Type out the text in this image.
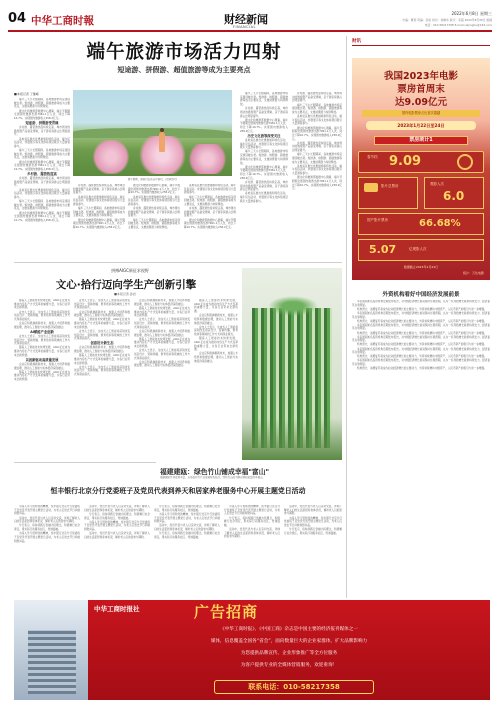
04 中华工商时報	财经新闻
FINANCIAL
2022年6月8日 星期三
中编：曹莉 责编：孙岩 校对：刘晓华 版式：李超 2022年8月30日 组稿
电话：010-58217398 E-mail:caijingbu@163.com
端午旅游市场活力四射
短途游、拼假游、超值旅游等成为主要亮点
■本报记者 丁继峰

端午三天小长假期间，各地旅游市场呈现回暖态势。短途游、拼假游、超值旅游等成为主要亮点，文旅消费潜力持续释放。

据文化和旅游部数据中心测算，端午节假期全国国内旅游出游7961.1万人次，同比下降10.7%。实现国内旅游收入258.2亿元。

短途游、拼假游受青睐

乡村游、露营游热度持续走高，城市周边的微度假产品备受青睐，亲子游家庭游占比明显提升。

各地景区推出优惠措施和特色活动，端午民俗活动、非遗展示等文化体验项目吸引大量游客参与。

端午三天小长假期间，各地旅游市场呈现回暖态势。短途游、拼假游、超值旅游等成为主要亮点，文旅消费潜力持续释放。

据文化和旅游部数据中心测算，端午节假期全国国内旅游出游7961.1万人次，同比下降10.7%。实现国内旅游收入258.2亿元。

乡村游、露营热度高

乡村游、露营游热度持续走高，城市周边的微度假产品备受青睐，亲子游家庭游占比明显提升。

各地景区推出优惠措施和特色活动，端午民俗活动、非遗展示等文化体验项目吸引大量游客参与。

端午三天小长假期间，各地旅游市场呈现回暖态势。短途游、拼假游、超值旅游等成为主要亮点，文旅消费潜力持续释放。

据文化和旅游部数据中心测算，端午节假期全国国内旅游出游7961.1万人次，同比下降10.7%。实现国内旅游收入258.2亿元。

端午假期，游客们在花丛中游玩。(资料图片)

乡村游、露营游热度持续走高，城市周边的微度假产品备受青睐，亲子游家庭游占比明显提升。

各地景区推出优惠措施和特色活动，端午民俗活动、非遗展示等文化体验项目吸引大量游客参与。

端午三天小长假期间，各地旅游市场呈现回暖态势。短途游、拼假游、超值旅游等成为主要亮点，文旅消费潜力持续释放。

据文化和旅游部数据中心测算，端午节假期全国国内旅游出游7961.1万人次，同比下降10.7%。实现国内旅游收入258.2亿元。

据文化和旅游部数据中心测算，端午节假期全国国内旅游出游7961.1万人次，同比下降10.7%。实现国内旅游收入258.2亿元。

各地景区推出优惠措施和特色活动，端午民俗活动、非遗展示等文化体验项目吸引大量游客参与。

乡村游、露营游热度持续走高，城市周边的微度假产品备受青睐，亲子游家庭游占比明显提升。

端午三天小长假期间，各地旅游市场呈现回暖态势。短途游、拼假游、超值旅游等成为主要亮点，文旅消费潜力持续释放。

各地景区推出优惠措施和特色活动，端午民俗活动、非遗展示等文化体验项目吸引大量游客参与。

端午三天小长假期间，各地旅游市场呈现回暖态势。短途游、拼假游、超值旅游等成为主要亮点，文旅消费潜力持续释放。

乡村游、露营游热度持续走高，城市周边的微度假产品备受青睐，亲子游家庭游占比明显提升。

据文化和旅游部数据中心测算，端午节假期全国国内旅游出游7961.1万人次，同比下降10.7%。实现国内旅游收入258.2亿元。

端午三天小长假期间，各地旅游市场呈现回暖态势。短途游、拼假游、超值旅游等成为主要亮点，文旅消费潜力持续释放。

乡村游、露营游热度持续走高，城市周边的微度假产品备受青睐，亲子游家庭游占比明显提升。

据文化和旅游部数据中心测算，端午节假期全国国内旅游出游7961.1万人次，同比下降10.7%。实现国内旅游收入258.2亿元。

历史文化游等深受关注

各地景区推出优惠措施和特色活动，端午民俗活动、非遗展示等文化体验项目吸引大量游客参与。

端午三天小长假期间，各地旅游市场呈现回暖态势。短途游、拼假游、超值旅游等成为主要亮点，文旅消费潜力持续释放。

据文化和旅游部数据中心测算，端午节假期全国国内旅游出游7961.1万人次，同比下降10.7%。实现国内旅游收入258.2亿元。

乡村游、露营游热度持续走高，城市周边的微度假产品备受青睐，亲子游家庭游占比明显提升。

各地景区推出优惠措施和特色活动，端午民俗活动、非遗展示等文化体验项目吸引大量游客参与。

乡村游、露营游热度持续走高，城市周边的微度假产品备受青睐，亲子游家庭游占比明显提升。

端午三天小长假期间，各地旅游市场呈现回暖态势。短途游、拼假游、超值旅游等成为主要亮点，文旅消费潜力持续释放。

各地景区推出优惠措施和特色活动，端午民俗活动、非遗展示等文化体验项目吸引大量游客参与。

据文化和旅游部数据中心测算，端午节假期全国国内旅游出游7961.1万人次，同比下降10.7%。实现国内旅游收入258.2亿元。

乡村游、露营游热度持续走高，城市周边的微度假产品备受青睐，亲子游家庭游占比明显提升。

端午三天小长假期间，各地旅游市场呈现回暖态势。短途游、拼假游、超值旅游等成为主要亮点，文旅消费潜力持续释放。

各地景区推出优惠措施和特色活动，端午民俗活动、非遗展示等文化体验项目吸引大量游客参与。

据文化和旅游部数据中心测算，端午节假期全国国内旅游出游7961.1万人次，同比下降10.7%。实现国内旅游收入258.2亿元。

财讯
我国2023年电影
票房首周末
达9.09亿元
国内电影票房占比首次超越
2023年1月22日至24日
票房统计1
春节档 9.09
影片总票房	观影人次
6.0
国产影片票房	66.68%
5.07	亿观影人次
数据截止2023年1月24日
统计：万达电影
外资机构看好中国经济发展前景

多家国际知名投资机构近期发布报告，对中国经济增长前景保持乐观预期，认为一系列稳增长政策持续发力，经济复苏态势明显。

机构预计，消费复苏将成为拉动经济增长的主要动力，外资持续增持中国资产，人民币资产的吸引力进一步增强。

多家国际知名投资机构近期发布报告，对中国经济增长前景保持乐观预期，认为一系列稳增长政策持续发力，经济复苏态势明显。

机构预计，消费复苏将成为拉动经济增长的主要动力，外资持续增持中国资产，人民币资产的吸引力进一步增强。

多家国际知名投资机构近期发布报告，对中国经济增长前景保持乐观预期，认为一系列稳增长政策持续发力，经济复苏态势明显。

机构预计，消费复苏将成为拉动经济增长的主要动力，外资持续增持中国资产，人民币资产的吸引力进一步增强。

多家国际知名投资机构近期发布报告，对中国经济增长前景保持乐观预期，认为一系列稳增长政策持续发力，经济复苏态势明显。

机构预计，消费复苏将成为拉动经济增长的主要动力，外资持续增持中国资产，人民币资产的吸引力进一步增强。

多家国际知名投资机构近期发布报告，对中国经济增长前景保持乐观预期，认为一系列稳增长政策持续发力，经济复苏态势明显。

机构预计，消费复苏将成为拉动经济增长的主要动力，外资持续增持中国资产，人民币资产的吸引力进一步增强。

多家国际知名投资机构近期发布报告，对中国经济增长前景保持乐观预期，认为一系列稳增长政策持续发力，经济复苏态势明显。

机构预计，消费复苏将成为拉动经济增长的主要动力，外资持续增持中国资产，人民币资产的吸引力进一步增强。

拼搏AIGC新征求视野
文心·拾行迈向学生产创新引擎
■本报记者 孙岩

随着人工智能技术快速发展，AIGC正在成为推动内容生产方式变革的重要力量，为各行业带来全新机遇。

业内人士表示，生成式人工智能将深刻改变创意设计、营销传播、教育培训等领域的工作方式和商业模式。

企业应积极拥抱新技术，加强人才培养和数据治理，推动人工智能与实体经济深度融合。

AI赋能产业创新

业内人士表示，生成式人工智能将深刻改变创意设计、营销传播、教育培训等领域的工作方式和商业模式。

随着人工智能技术快速发展，AIGC正在成为推动内容生产方式变革的重要力量，为各行业带来全新机遇。

以创新驱动高质量发展

企业应积极拥抱新技术，加强人才培养和数据治理，推动人工智能与实体经济深度融合。

随着人工智能技术快速发展，AIGC正在成为推动内容生产方式变革的重要力量，为各行业带来全新机遇。

业内人士表示，生成式人工智能将深刻改变创意设计、营销传播、教育培训等领域的工作方式和商业模式。

企业应积极拥抱新技术，加强人才培养和数据治理，推动人工智能与实体经济深度融合。

随着人工智能技术快速发展，AIGC正在成为推动内容生产方式变革的重要力量，为各行业带来全新机遇。

业内人士表示，生成式人工智能将深刻改变创意设计、营销传播、教育培训等领域的工作方式和商业模式。

创意设计新生态

企业应积极拥抱新技术，加强人才培养和数据治理，推动人工智能与实体经济深度融合。

随着人工智能技术快速发展，AIGC正在成为推动内容生产方式变革的重要力量，为各行业带来全新机遇。

业内人士表示，生成式人工智能将深刻改变创意设计、营销传播、教育培训等领域的工作方式和商业模式。

企业应积极拥抱新技术，加强人才培养和数据治理，推动人工智能与实体经济深度融合。

随着人工智能技术快速发展，AIGC正在成为推动内容生产方式变革的重要力量，为各行业带来全新机遇。

业内人士表示，生成式人工智能将深刻改变创意设计、营销传播、教育培训等领域的工作方式和商业模式。

企业应积极拥抱新技术，加强人才培养和数据治理，推动人工智能与实体经济深度融合。

随着人工智能技术快速发展，AIGC正在成为推动内容生产方式变革的重要力量，为各行业带来全新机遇。

业内人士表示，生成式人工智能将深刻改变创意设计、营销传播、教育培训等领域的工作方式和商业模式。

企业应积极拥抱新技术，加强人才培养和数据治理，推动人工智能与实体经济深度融合。

随着人工智能技术快速发展，AIGC正在成为推动内容生产方式变革的重要力量，为各行业带来全新机遇。

企业应积极拥抱新技术，加强人才培养和数据治理，推动人工智能与实体经济深度融合。

业内人士表示，生成式人工智能将深刻改变创意设计、营销传播、教育培训等领域的工作方式和商业模式。

随着人工智能技术快速发展，AIGC正在成为推动内容生产方式变革的重要力量，为各行业带来全新机遇。

企业应积极拥抱新技术，加强人才培养和数据治理，推动人工智能与实体经济深度融合。

福建建瓯：绿色竹山铺成幸福"富山"
福建建瓯竹林资源丰富，当地依托竹产业发展特色经济，绿色竹山成为群众增收致富的幸福山。
恒丰银行北京分行党委班子及党员代表到养天和居家养老服务中心开展主题党日活动

为深入学习贯彻党的精神，恒丰银行北京分行党委班子及党员代表开展主题党日活动，为老人们送去节日问候和慰问品。

活动中，党员代表与老人们亲切交流，详细了解老人们的生活起居和身体状况，倾听老人们的需求与期盼。

分行表示，将持续践行金融为民理念，积极履行社会责任，用实际行动服务社区，传递温暖。

为深入学习贯彻党的精神，恒丰银行北京分行党委班子及党员代表开展主题党日活动，为老人们送去节日问候和慰问品。

活动中，党员代表与老人们亲切交流，详细了解老人们的生活起居和身体状况，倾听老人们的需求与期盼。

分行表示，将持续践行金融为民理念，积极履行社会责任，用实际行动服务社区，传递温暖。

为深入学习贯彻党的精神，恒丰银行北京分行党委班子及党员代表开展主题党日活动，为老人们送去节日问候和慰问品。

活动中，党员代表与老人们亲切交流，详细了解老人们的生活起居和身体状况，倾听老人们的需求与期盼。

分行表示，将持续践行金融为民理念，积极履行社会责任，用实际行动服务社区，传递温暖。

为深入学习贯彻党的精神，恒丰银行北京分行党委班子及党员代表开展主题党日活动，为老人们送去节日问候和慰问品。

活动中，党员代表与老人们亲切交流，详细了解老人们的生活起居和身体状况，倾听老人们的需求与期盼。

分行表示，将持续践行金融为民理念，积极履行社会责任，用实际行动服务社区，传递温暖。

为深入学习贯彻党的精神，恒丰银行北京分行党委班子及党员代表开展主题党日活动，为老人们送去节日问候和慰问品。

分行表示，将持续践行金融为民理念，积极履行社会责任，用实际行动服务社区，传递温暖。

活动中，党员代表与老人们亲切交流，详细了解老人们的生活起居和身体状况，倾听老人们的需求与期盼。

活动中，党员代表与老人们亲切交流，详细了解老人们的生活起居和身体状况，倾听老人们的需求与期盼。

为深入学习贯彻党的精神，恒丰银行北京分行党委班子及党员代表开展主题党日活动，为老人们送去节日问候和慰问品。

分行表示，将持续践行金融为民理念，积极履行社会责任，用实际行动服务社区，传递温暖。

中华工商时报社	广告招商
《中华工商时报》、《中国工商》杂志是中国主要的经济报刊媒体之一
媒体，信息覆盖全国各“省会”，面向数量巨大的企业家群体，扩大品牌影响力
为您提供品牌宣传、企业形象推广等全方位服务
为客户提供专业的全媒体营销服务，欢迎垂询！
联系电话：010-58217358
